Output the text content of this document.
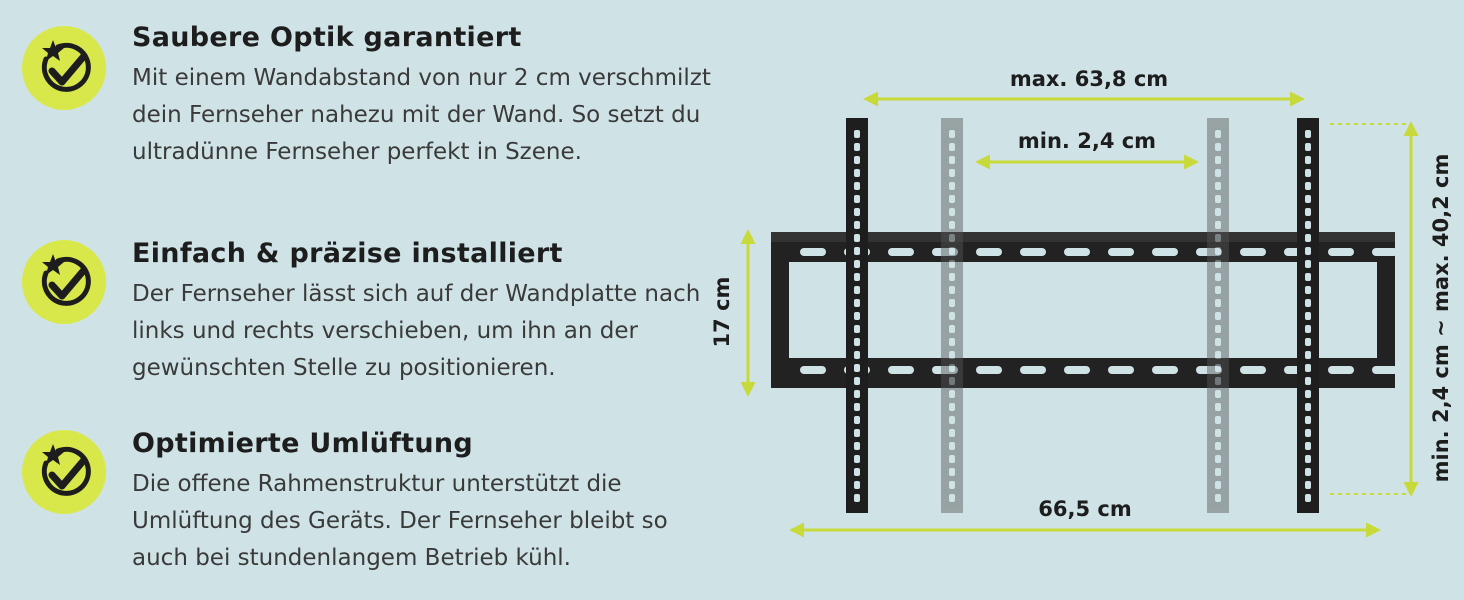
Saubere Optik garantiert
Mit einem Wandabstand von nur 2 cm verschmilzt dein Fernseher nahezu mit der Wand. So setzt du ultradünne Fernseher perfekt in Szene.
Einfach & präzise installiert
Der Fernseher lässt sich auf der Wandplatte nach links und rechts verschieben, um ihn an der gewünschten Stelle zu positionieren.
Optimierte Umlüftung
Die offene Rahmenstruktur unterstützt die Umlüftung des Geräts. Der Fernseher bleibt so auch bei stundenlangem Betrieb kühl.
max. 63,8 cm
min. 2,4 cm
17 cm	min. 2,4 cm ~ max. 40,2 cm
66,5 cm
